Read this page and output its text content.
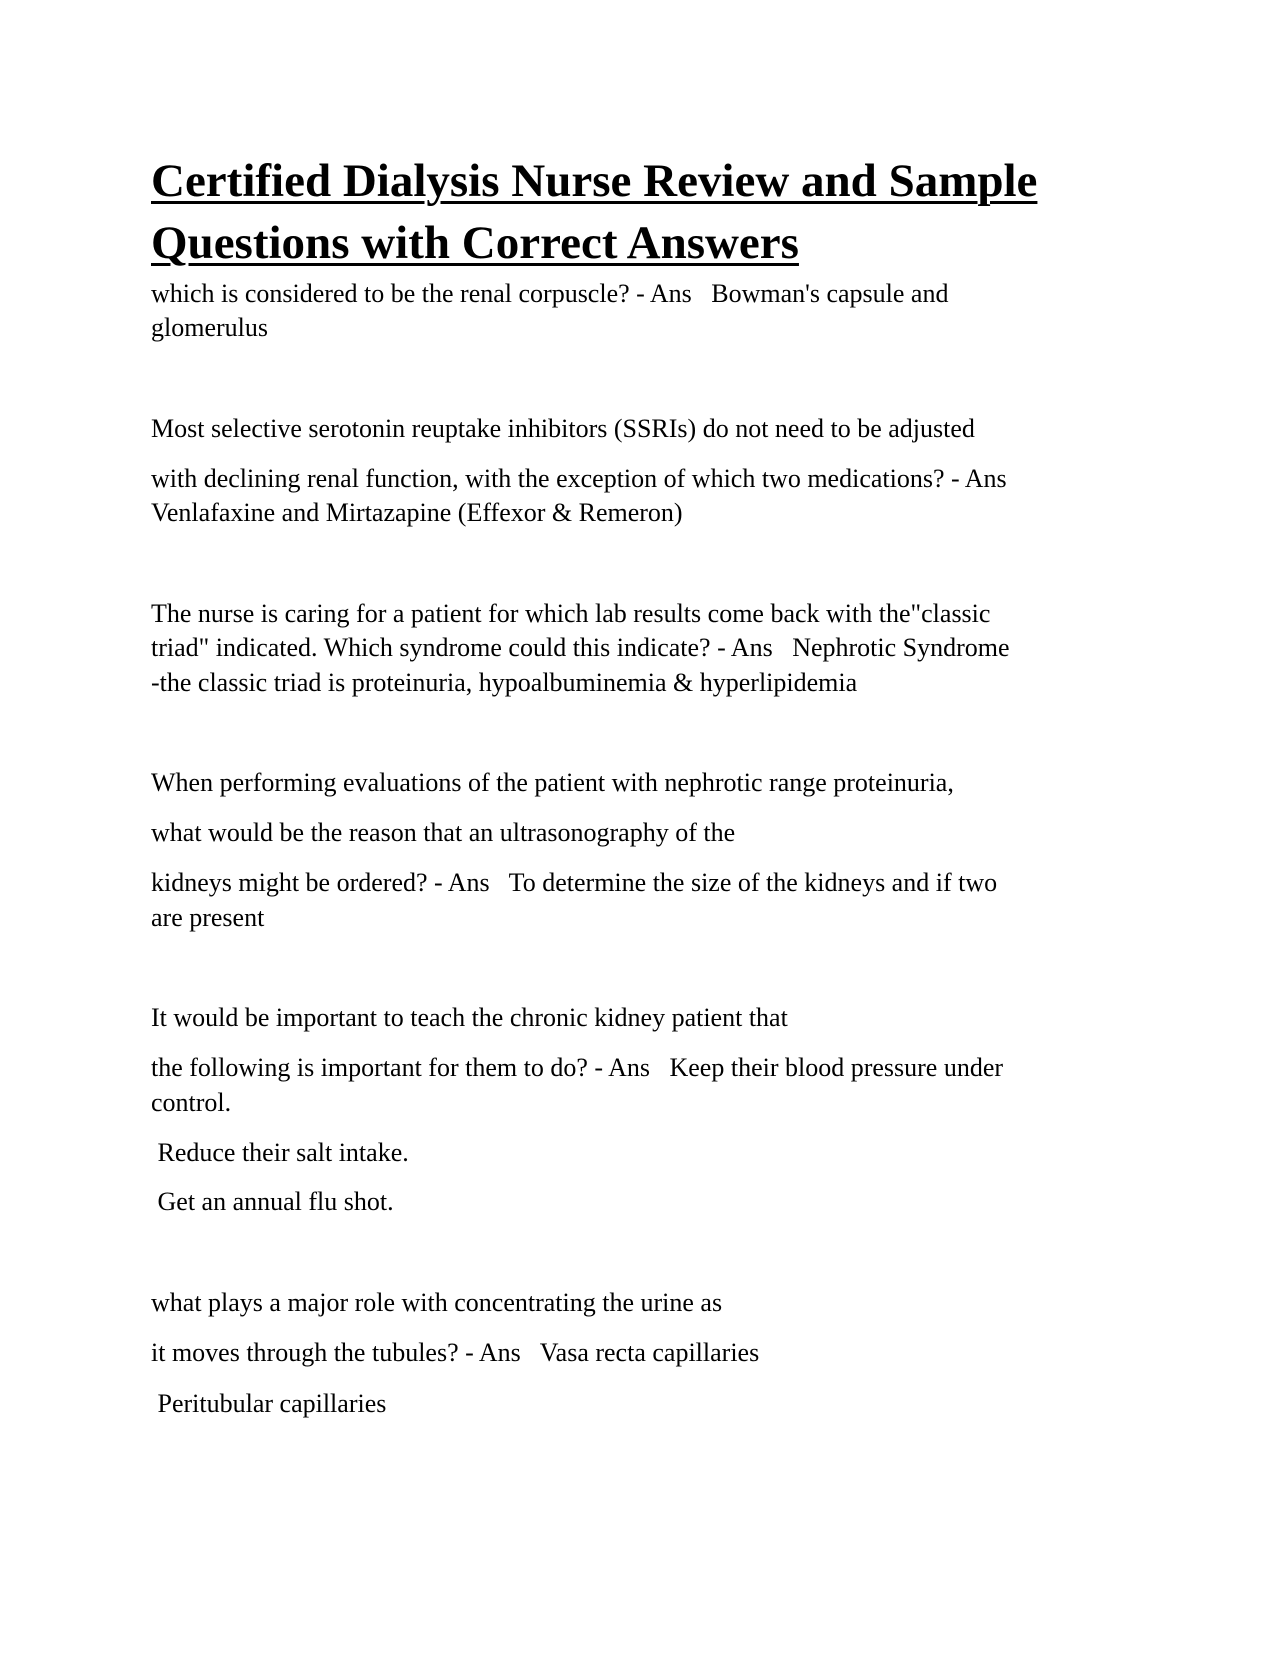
Certified Dialysis Nurse Review and Sample
Questions with Correct Answers

which is considered to be the renal corpuscle? - Ans   Bowman's capsule and

glomerulus

Most selective serotonin reuptake inhibitors (SSRIs) do not need to be adjusted

with declining renal function, with the exception of which two medications? - Ans

Venlafaxine and Mirtazapine (Effexor & Remeron)

The nurse is caring for a patient for which lab results come back with the"classic

triad" indicated. Which syndrome could this indicate? - Ans   Nephrotic Syndrome

-the classic triad is proteinuria, hypoalbuminemia & hyperlipidemia

When performing evaluations of the patient with nephrotic range proteinuria,

what would be the reason that an ultrasonography of the

kidneys might be ordered? - Ans   To determine the size of the kidneys and if two

are present

It would be important to teach the chronic kidney patient that

the following is important for them to do? - Ans   Keep their blood pressure under

control.

Reduce their salt intake.

Get an annual flu shot.

what plays a major role with concentrating the urine as

it moves through the tubules? - Ans   Vasa recta capillaries

Peritubular capillaries
